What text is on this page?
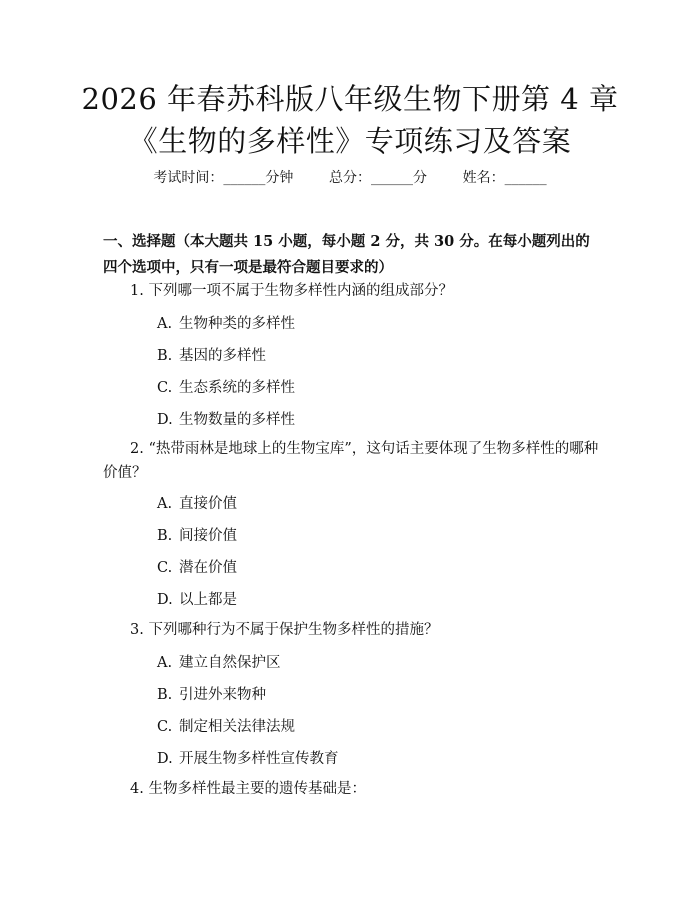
2026 年春苏科版八年级生物下册第 4 章《生物的多样性》专项练习及答案
考试时间：______分钟	总分：______分	姓名：______
一、选择题（本大题共 15 小题，每小题 2 分，共 30 分。在每小题列出的四个选项中，只有一项是最符合题目要求的）
1. 下列哪一项不属于生物多样性内涵的组成部分？
A. 生物种类的多样性
B. 基因的多样性
C. 生态系统的多样性
D. 生物数量的多样性
2. “热带雨林是地球上的生物宝库”，这句话主要体现了生物多样性的哪种价值？
A. 直接价值
B. 间接价值
C. 潜在价值
D. 以上都是
3. 下列哪种行为不属于保护生物多样性的措施？
A. 建立自然保护区
B. 引进外来物种
C. 制定相关法律法规
D. 开展生物多样性宣传教育
4. 生物多样性最主要的遗传基础是：
